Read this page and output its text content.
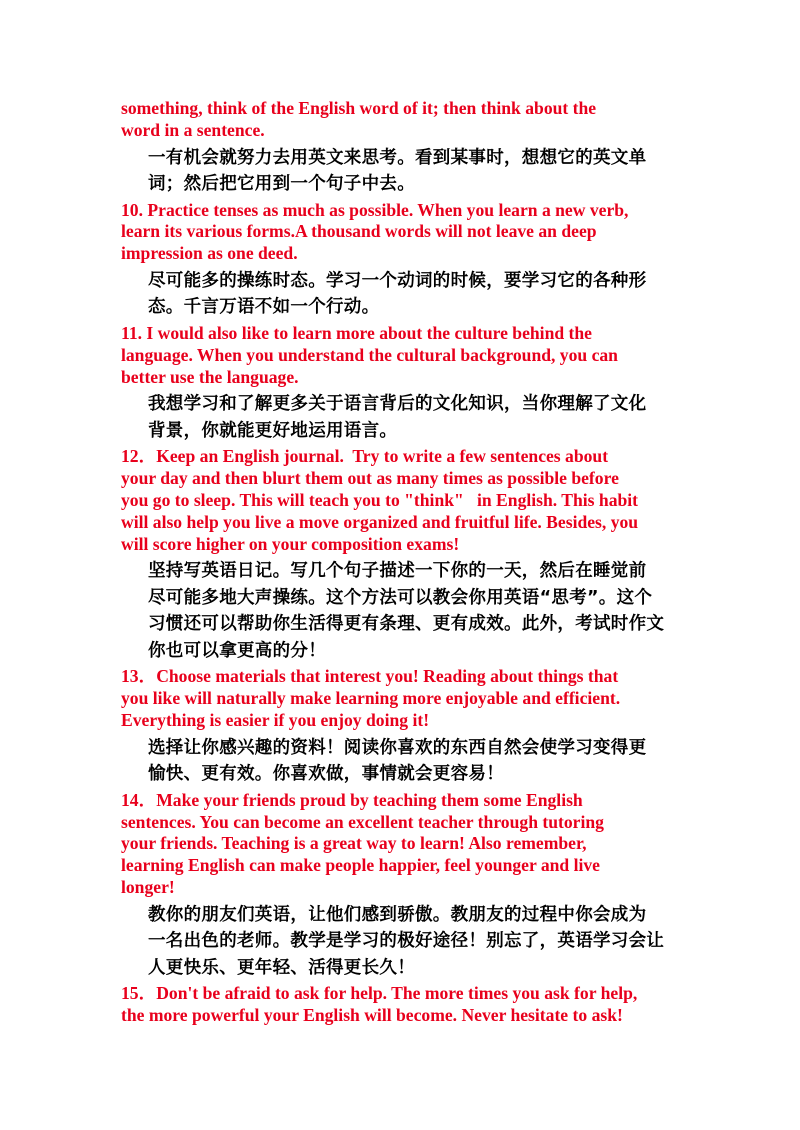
something, think of the English word of it; then think about the
word in a sentence.

一有机会就努力去用英文来思考。看到某事时，想想它的英文单
词；然后把它用到一个句子中去。

10. Practice tenses as much as possible. When you learn a new verb,
learn its various forms.A thousand words will not leave an deep
impression as one deed.

尽可能多的操练时态。学习一个动词的时候，要学习它的各种形
态。千言万语不如一个行动。

11. I would also like to learn more about the culture behind the
language. When you understand the cultural background, you can
better use the language.

我想学习和了解更多关于语言背后的文化知识，当你理解了文化
背景，你就能更好地运用语言。

12．Keep an English journal.  Try to write a few sentences about
your day and then blurt them out as many times as possible before
you go to sleep. This will teach you to "think"   in English. This habit
will also help you live a move organized and fruitful life. Besides, you
will score higher on your composition exams!

坚持写英语日记。写几个句子描述一下你的一天，然后在睡觉前
尽可能多地大声操练。这个方法可以教会你用英语“思考”。这个
习惯还可以帮助你生活得更有条理、更有成效。此外，考试时作文
你也可以拿更高的分！

13．Choose materials that interest you! Reading about things that
you like will naturally make learning more enjoyable and efficient.
Everything is easier if you enjoy doing it!

选择让你感兴趣的资料！阅读你喜欢的东西自然会使学习变得更
愉快、更有效。你喜欢做，事情就会更容易！

14．Make your friends proud by teaching them some English
sentences. You can become an excellent teacher through tutoring
your friends. Teaching is a great way to learn! Also remember,
learning English can make people happier, feel younger and live
longer!

教你的朋友们英语，让他们感到骄傲。教朋友的过程中你会成为
一名出色的老师。教学是学习的极好途径！别忘了，英语学习会让
人更快乐、更年轻、活得更长久！

15．Don't be afraid to ask for help. The more times you ask for help,
the more powerful your English will become. Never hesitate to ask!
